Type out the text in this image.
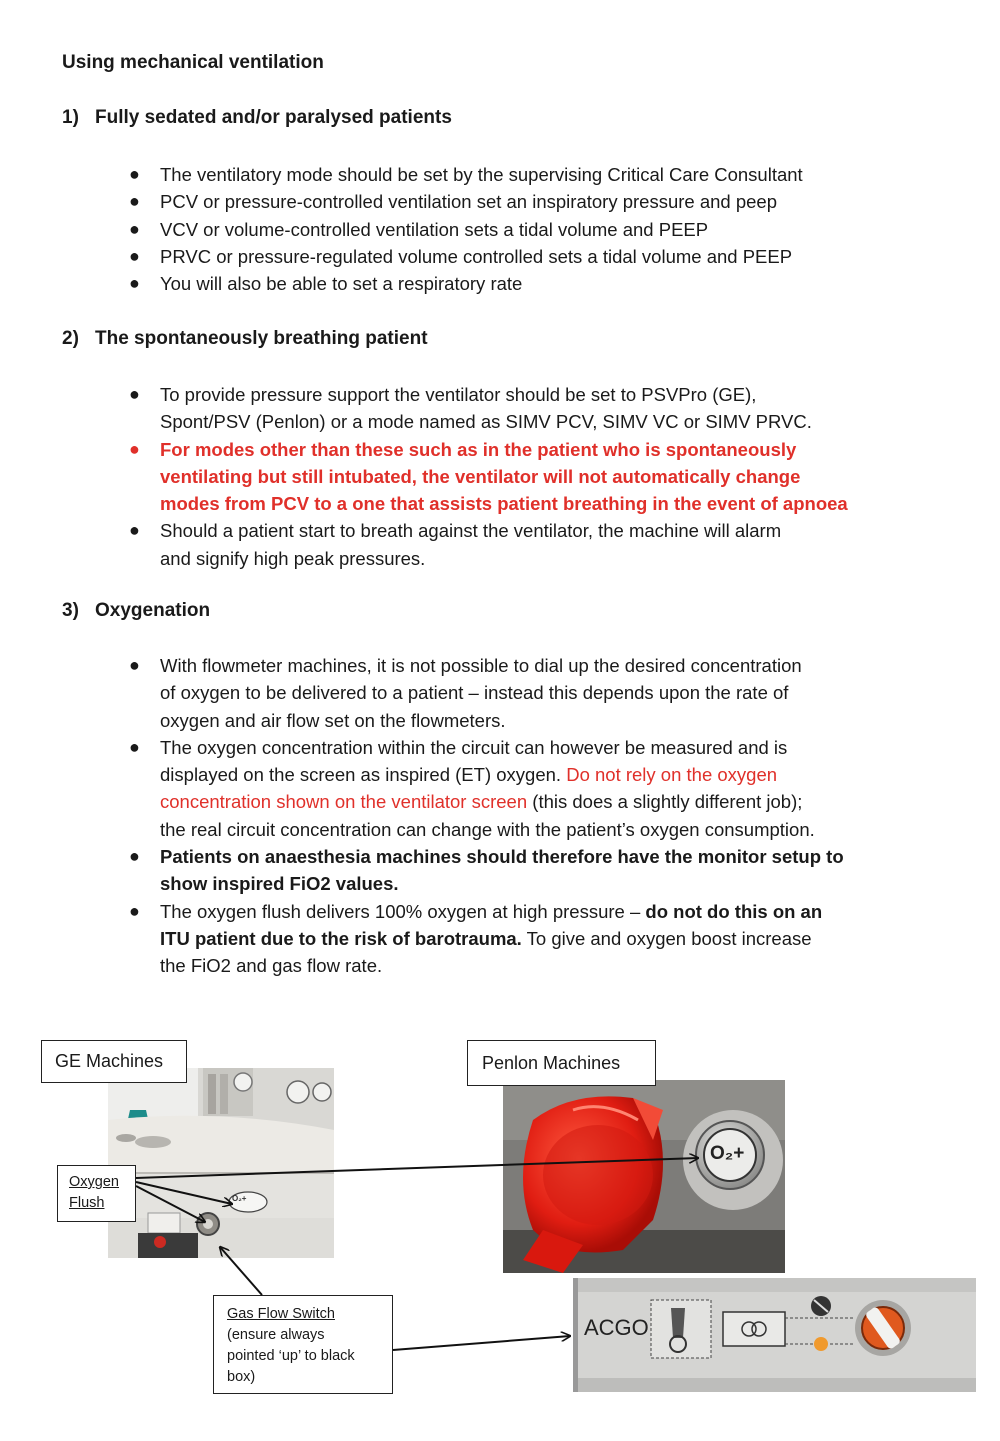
Using mechanical ventilation
1) Fully sedated and/or paralysed patients
● The ventilatory mode should be set by the supervising Critical Care Consultant
● PCV or pressure-controlled ventilation set an inspiratory pressure and peep
● VCV or volume-controlled ventilation sets a tidal volume and PEEP
● PRVC or pressure-regulated volume controlled sets a tidal volume and PEEP
● You will also be able to set a respiratory rate
2) The spontaneously breathing patient
● To provide pressure support the ventilator should be set to PSVPro (GE),
Spont/PSV (Penlon) or a mode named as SIMV PCV, SIMV VC or SIMV PRVC.
● For modes other than these such as in the patient who is spontaneously
ventilating but still intubated, the ventilator will not automatically change
modes from PCV to a one that assists patient breathing in the event of apnoea
● Should a patient start to breath against the ventilator, the machine will alarm
and signify high peak pressures.
3) Oxygenation
● With flowmeter machines, it is not possible to dial up the desired concentration
of oxygen to be delivered to a patient – instead this depends upon the rate of
oxygen and air flow set on the flowmeters.
● The oxygen concentration within the circuit can however be measured and is
displayed on the screen as inspired (ET) oxygen. Do not rely on the oxygen
concentration shown on the ventilator screen (this does a slightly different job);
the real circuit concentration can change with the patient’s oxygen consumption.
● Patients on anaesthesia machines should therefore have the monitor setup to
show inspired FiO2 values.
● The oxygen flush delivers 100% oxygen at high pressure – do not do this on an
ITU patient due to the risk of barotrauma. To give and oxygen boost increase
the FiO2 and gas flow rate.
O₂+
GE Machines
Oxygen
Flush
O₂+
Penlon Machines
ACGO
Gas Flow Switch
(ensure always
pointed ‘up’ to black
box)
